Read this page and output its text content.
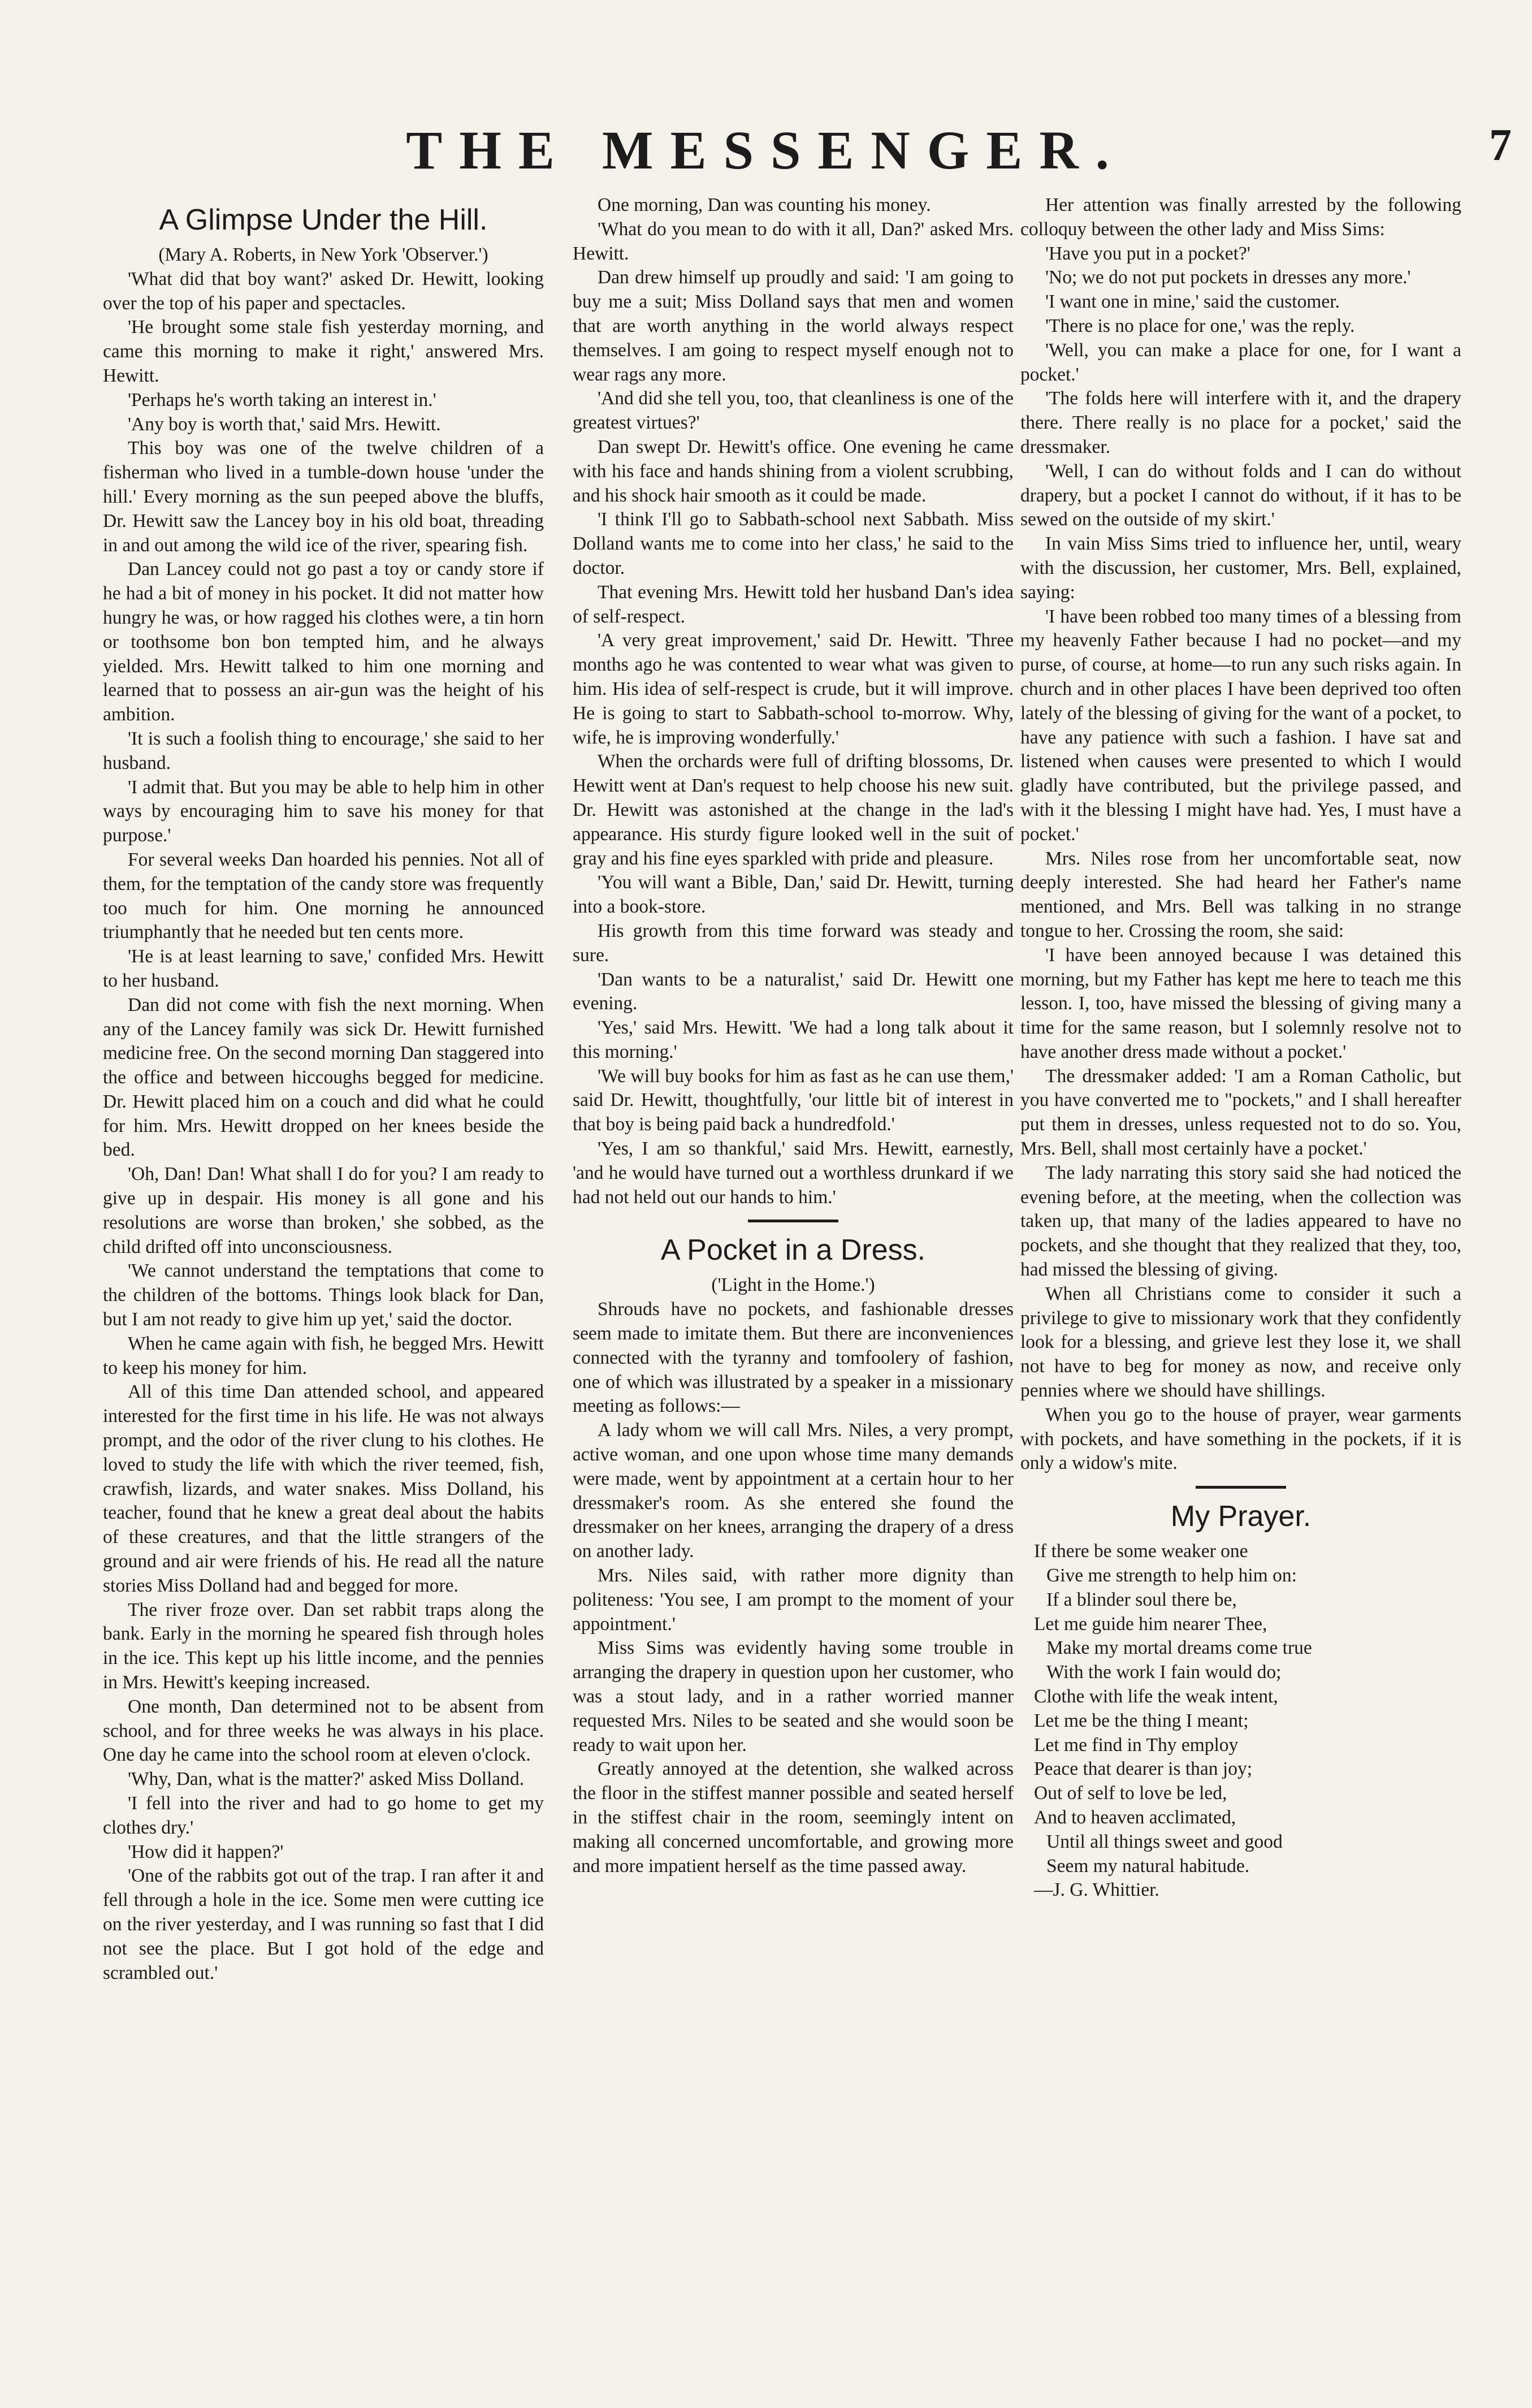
THE MESSENGER.	7
A Glimpse Under the Hill.

(Mary A. Roberts, in New York 'Observer.')

'What did that boy want?' asked Dr. Hewitt, looking over the top of his paper and spectacles.

'He brought some stale fish yesterday morning, and came this morning to make it right,' answered Mrs. Hewitt.

'Perhaps he's worth taking an interest in.'

'Any boy is worth that,' said Mrs. Hewitt.

This boy was one of the twelve children of a fisherman who lived in a tumble-down house 'under the hill.' Every morning as the sun peeped above the bluffs, Dr. Hewitt saw the Lancey boy in his old boat, threading in and out among the wild ice of the river, spearing fish.

Dan Lancey could not go past a toy or candy store if he had a bit of money in his pocket. It did not matter how hungry he was, or how ragged his clothes were, a tin horn or toothsome bon bon tempted him, and he always yielded. Mrs. Hewitt talked to him one morning and learned that to possess an air-gun was the height of his ambition.

'It is such a foolish thing to encourage,' she said to her husband.

'I admit that. But you may be able to help him in other ways by encouraging him to save his money for that purpose.'

For several weeks Dan hoarded his pennies. Not all of them, for the temptation of the candy store was frequently too much for him. One morning he announced triumphantly that he needed but ten cents more.

'He is at least learning to save,' confided Mrs. Hewitt to her husband.

Dan did not come with fish the next morning. When any of the Lancey family was sick Dr. Hewitt furnished medicine free. On the second morning Dan staggered into the office and between hiccoughs begged for medicine. Dr. Hewitt placed him on a couch and did what he could for him. Mrs. Hewitt dropped on her knees beside the bed.

'Oh, Dan! Dan! What shall I do for you? I am ready to give up in despair. His money is all gone and his resolutions are worse than broken,' she sobbed, as the child drifted off into unconsciousness.

'We cannot understand the temptations that come to the children of the bottoms. Things look black for Dan, but I am not ready to give him up yet,' said the doctor.

When he came again with fish, he begged Mrs. Hewitt to keep his money for him.

All of this time Dan attended school, and appeared interested for the first time in his life. He was not always prompt, and the odor of the river clung to his clothes. He loved to study the life with which the river teemed, fish, crawfish, lizards, and water snakes. Miss Dolland, his teacher, found that he knew a great deal about the habits of these creatures, and that the little strangers of the ground and air were friends of his. He read all the nature stories Miss Dolland had and begged for more.

The river froze over. Dan set rabbit traps along the bank. Early in the morning he speared fish through holes in the ice. This kept up his little income, and the pennies in Mrs. Hewitt's keeping increased.

One month, Dan determined not to be absent from school, and for three weeks he was always in his place. One day he came into the school room at eleven o'clock.

'Why, Dan, what is the matter?' asked Miss Dolland.

'I fell into the river and had to go home to get my clothes dry.'

'How did it happen?'

'One of the rabbits got out of the trap. I ran after it and fell through a hole in the ice. Some men were cutting ice on the river yesterday, and I was running so fast that I did not see the place. But I got hold of the edge and scrambled out.'

One morning, Dan was counting his money.

'What do you mean to do with it all, Dan?' asked Mrs. Hewitt.

Dan drew himself up proudly and said: 'I am going to buy me a suit; Miss Dolland says that men and women that are worth anything in the world always respect themselves. I am going to respect myself enough not to wear rags any more.

'And did she tell you, too, that cleanliness is one of the greatest virtues?'

Dan swept Dr. Hewitt's office. One evening he came with his face and hands shining from a violent scrubbing, and his shock hair smooth as it could be made.

'I think I'll go to Sabbath-school next Sabbath. Miss Dolland wants me to come into her class,' he said to the doctor.

That evening Mrs. Hewitt told her husband Dan's idea of self-respect.

'A very great improvement,' said Dr. Hewitt. 'Three months ago he was contented to wear what was given to him. His idea of self-respect is crude, but it will improve. He is going to start to Sabbath-school to-morrow. Why, wife, he is improving wonderfully.'

When the orchards were full of drifting blossoms, Dr. Hewitt went at Dan's request to help choose his new suit. Dr. Hewitt was astonished at the change in the lad's appearance. His sturdy figure looked well in the suit of gray and his fine eyes sparkled with pride and pleasure.

'You will want a Bible, Dan,' said Dr. Hewitt, turning into a book-store.

His growth from this time forward was steady and sure.

'Dan wants to be a naturalist,' said Dr. Hewitt one evening.

'Yes,' said Mrs. Hewitt. 'We had a long talk about it this morning.'

'We will buy books for him as fast as he can use them,' said Dr. Hewitt, thoughtfully, 'our little bit of interest in that boy is being paid back a hundredfold.'

'Yes, I am so thankful,' said Mrs. Hewitt, earnestly, 'and he would have turned out a worthless drunkard if we had not held out our hands to him.'

A Pocket in a Dress.

('Light in the Home.')

Shrouds have no pockets, and fashionable dresses seem made to imitate them. But there are inconveniences connected with the tyranny and tomfoolery of fashion, one of which was illustrated by a speaker in a missionary meeting as follows:—

A lady whom we will call Mrs. Niles, a very prompt, active woman, and one upon whose time many demands were made, went by appointment at a certain hour to her dressmaker's room. As she entered she found the dressmaker on her knees, arranging the drapery of a dress on another lady.

Mrs. Niles said, with rather more dignity than politeness: 'You see, I am prompt to the moment of your appointment.'

Miss Sims was evidently having some trouble in arranging the drapery in question upon her customer, who was a stout lady, and in a rather worried manner requested Mrs. Niles to be seated and she would soon be ready to wait upon her.

Greatly annoyed at the detention, she walked across the floor in the stiffest manner possible and seated herself in the stiffest chair in the room, seemingly intent on making all concerned uncomfortable, and growing more and more impatient herself as the time passed away.

Her attention was finally arrested by the following colloquy between the other lady and Miss Sims:

'Have you put in a pocket?'

'No; we do not put pockets in dresses any more.'

'I want one in mine,' said the customer.

'There is no place for one,' was the reply.

'Well, you can make a place for one, for I want a pocket.'

'The folds here will interfere with it, and the drapery there. There really is no place for a pocket,' said the dressmaker.

'Well, I can do without folds and I can do without drapery, but a pocket I cannot do without, if it has to be sewed on the outside of my skirt.'

In vain Miss Sims tried to influence her, until, weary with the discussion, her customer, Mrs. Bell, explained, saying:

'I have been robbed too many times of a blessing from my heavenly Father because I had no pocket—and my purse, of course, at home—to run any such risks again. In church and in other places I have been deprived too often lately of the blessing of giving for the want of a pocket, to have any patience with such a fashion. I have sat and listened when causes were presented to which I would gladly have contributed, but the privilege passed, and with it the blessing I might have had. Yes, I must have a pocket.'

Mrs. Niles rose from her uncomfortable seat, now deeply interested. She had heard her Father's name mentioned, and Mrs. Bell was talking in no strange tongue to her. Crossing the room, she said:

'I have been annoyed because I was detained this morning, but my Father has kept me here to teach me this lesson. I, too, have missed the blessing of giving many a time for the same reason, but I solemnly resolve not to have another dress made without a pocket.'

The dressmaker added: 'I am a Roman Catholic, but you have converted me to "pockets," and I shall hereafter put them in dresses, unless requested not to do so. You, Mrs. Bell, shall most certainly have a pocket.'

The lady narrating this story said she had noticed the evening before, at the meeting, when the collection was taken up, that many of the ladies appeared to have no pockets, and she thought that they realized that they, too, had missed the blessing of giving.

When all Christians come to consider it such a privilege to give to missionary work that they confidently look for a blessing, and grieve lest they lose it, we shall not have to beg for money as now, and receive only pennies where we should have shillings.

When you go to the house of prayer, wear garments with pockets, and have something in the pockets, if it is only a widow's mite.

My Prayer.
If there be some weaker one
Give me strength to help him on:
If a blinder soul there be,
Let me guide him nearer Thee,
Make my mortal dreams come true
With the work I fain would do;
Clothe with life the weak intent,
Let me be the thing I meant;
Let me find in Thy employ
Peace that dearer is than joy;
Out of self to love be led,
And to heaven acclimated,
Until all things sweet and good
Seem my natural habitude.
—J. G. Whittier.
